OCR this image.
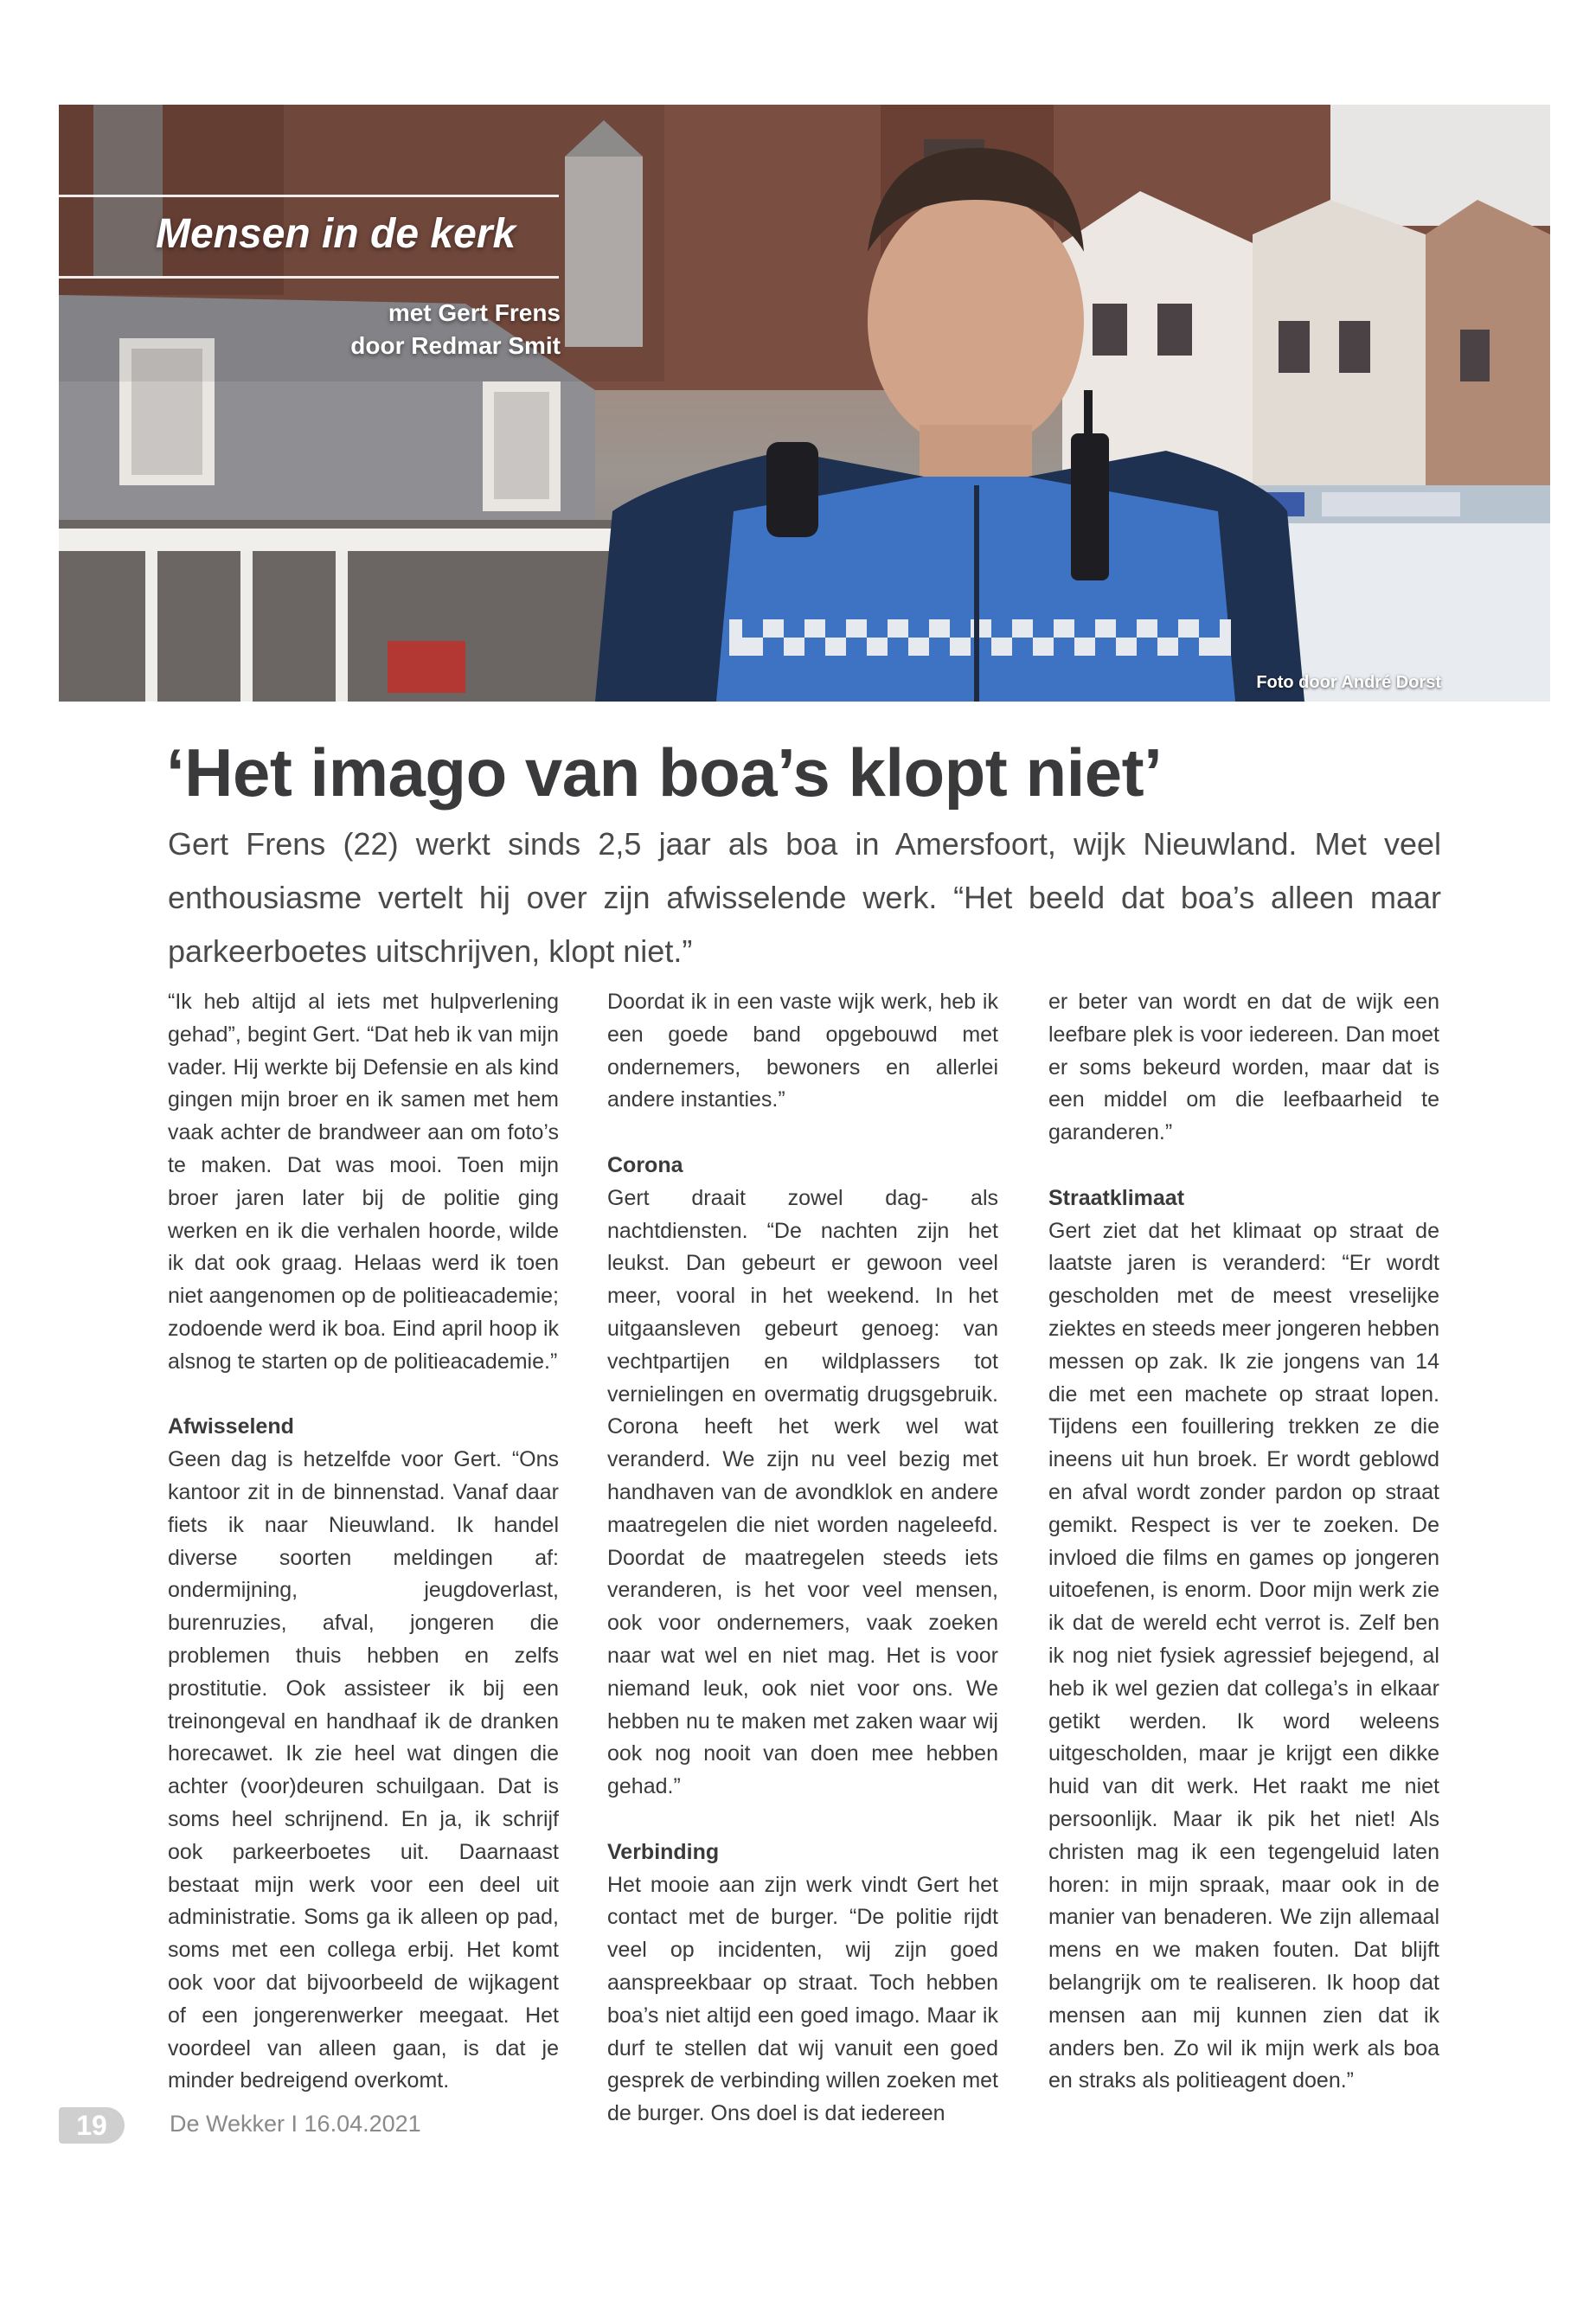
Mensen in de kerk
met Gert Frens
door Redmar Smit
Foto door André Dorst
‘Het imago van boa’s klopt niet’

Gert Frens (22) werkt sinds 2,5 jaar als boa in Amersfoort, wijk Nieuwland. Met veel enthousiasme vertelt hij over zijn afwisselende werk. “Het beeld dat boa’s alleen maar parkeerboetes uitschrijven, klopt niet.”

“Ik heb altijd al iets met hulpverlening gehad”, begint Gert. “Dat heb ik van mijn vader. Hij werkte bij Defensie en als kind gingen mijn broer en ik samen met hem vaak achter de brandweer aan om foto’s te maken. Dat was mooi. Toen mijn broer jaren later bij de politie ging werken en ik die verhalen hoorde, wilde ik dat ook graag. Helaas werd ik toen niet aangenomen op de politieacademie; zodoende werd ik boa. Eind april hoop ik alsnog te starten op de politieacademie.”

Afwisselend

Geen dag is hetzelfde voor Gert. “Ons kantoor zit in de binnenstad. Vanaf daar fiets ik naar Nieuwland. Ik handel diverse soorten meldingen af: ondermijning, jeugdoverlast, burenruzies, afval, jongeren die problemen thuis hebben en zelfs prostitutie. Ook assisteer ik bij een treinongeval en handhaaf ik de dranken horecawet. Ik zie heel wat dingen die achter (voor)deuren schuilgaan. Dat is soms heel schrijnend. En ja, ik schrijf ook parkeerboetes uit. Daarnaast bestaat mijn werk voor een deel uit administratie. Soms ga ik alleen op pad, soms met een collega erbij. Het komt ook voor dat bijvoorbeeld de wijkagent of een jongerenwerker meegaat. Het voordeel van alleen gaan, is dat je minder bedreigend overkomt.

Doordat ik in een vaste wijk werk, heb ik een goede band opgebouwd met ondernemers, bewoners en allerlei andere instanties.”

Corona

Gert draait zowel dag- als nachtdiensten. “De nachten zijn het leukst. Dan gebeurt er gewoon veel meer, vooral in het weekend. In het uitgaansleven gebeurt genoeg: van vechtpartijen en wildplassers tot vernielingen en overmatig drugsgebruik. Corona heeft het werk wel wat veranderd. We zijn nu veel bezig met handhaven van de avondklok en andere maatregelen die niet worden nageleefd. Doordat de maatregelen steeds iets veranderen, is het voor veel mensen, ook voor ondernemers, vaak zoeken naar wat wel en niet mag. Het is voor niemand leuk, ook niet voor ons. We hebben nu te maken met zaken waar wij ook nog nooit van doen mee hebben gehad.”

Verbinding

Het mooie aan zijn werk vindt Gert het contact met de burger. “De politie rijdt veel op incidenten, wij zijn goed aanspreekbaar op straat. Toch hebben boa’s niet altijd een goed imago. Maar ik durf te stellen dat wij vanuit een goed gesprek de verbinding willen zoeken met de burger. Ons doel is dat iedereen

er beter van wordt en dat de wijk een leefbare plek is voor iedereen. Dan moet er soms bekeurd worden, maar dat is een middel om die leefbaarheid te garanderen.”

Straatklimaat

Gert ziet dat het klimaat op straat de laatste jaren is veranderd: “Er wordt gescholden met de meest vreselijke ziektes en steeds meer jongeren hebben messen op zak. Ik zie jongens van 14 die met een machete op straat lopen. Tijdens een fouillering trekken ze die ineens uit hun broek. Er wordt geblowd en afval wordt zonder pardon op straat gemikt. Respect is ver te zoeken. De invloed die films en games op jongeren uitoefenen, is enorm. Door mijn werk zie ik dat de wereld echt verrot is. Zelf ben ik nog niet fysiek agressief bejegend, al heb ik wel gezien dat collega’s in elkaar getikt werden. Ik word weleens uitgescholden, maar je krijgt een dikke huid van dit werk. Het raakt me niet persoonlijk. Maar ik pik het niet! Als christen mag ik een tegengeluid laten horen: in mijn spraak, maar ook in de manier van benaderen. We zijn allemaal mens en we maken fouten. Dat blijft belangrijk om te realiseren. Ik hoop dat mensen aan mij kunnen zien dat ik anders ben. Zo wil ik mijn werk als boa en straks als politieagent doen.”

19	De Wekker I 16.04.2021
